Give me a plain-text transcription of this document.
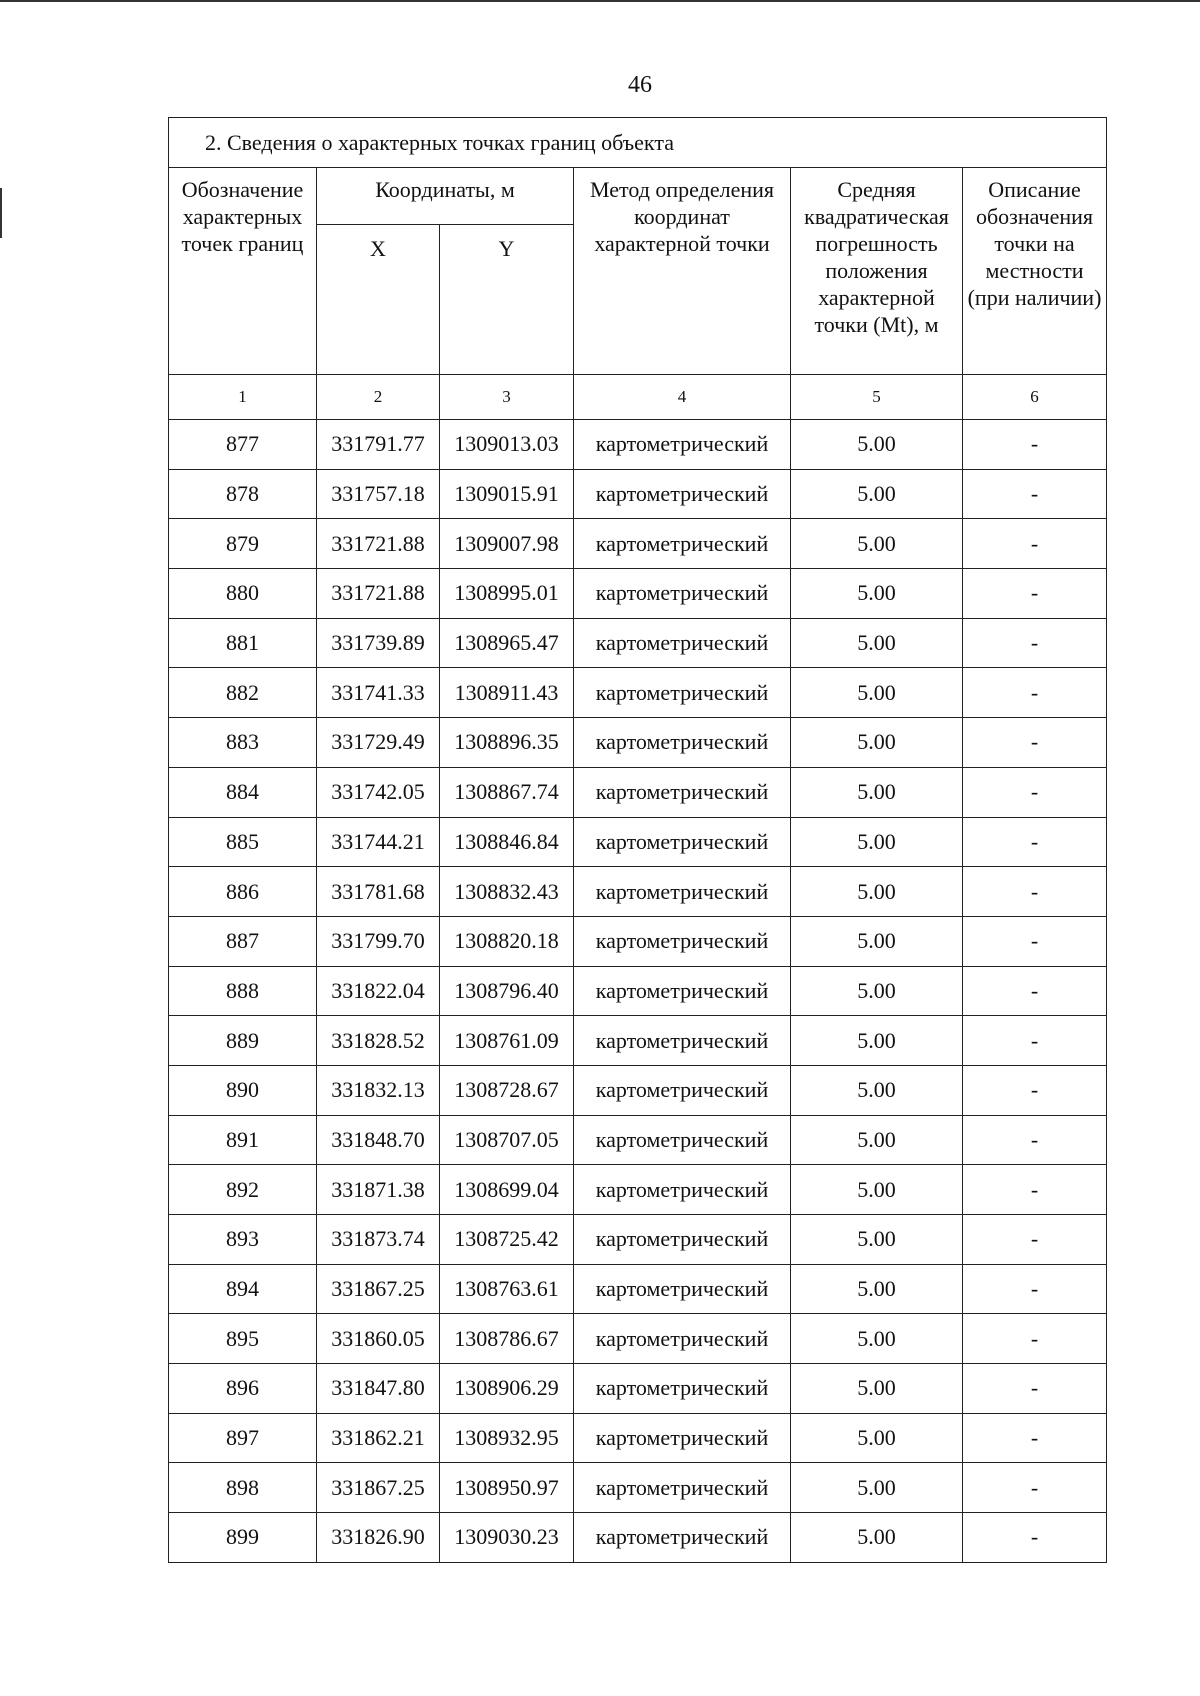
46
2. Сведения о характерных точках границ объекта					
Обозначение характерных точек границ	Координаты, м		Метод определения координат характерной точки	Средняя квадратическая погрешность положения характерной точки (Mt), м	Описание обозначения точки на местности (при наличии)
	X	Y			
1	2	3	4	5	6
877	331791.77	1309013.03	картометрический	5.00	-
878	331757.18	1309015.91	картометрический	5.00	-
879	331721.88	1309007.98	картометрический	5.00	-
880	331721.88	1308995.01	картометрический	5.00	-
881	331739.89	1308965.47	картометрический	5.00	-
882	331741.33	1308911.43	картометрический	5.00	-
883	331729.49	1308896.35	картометрический	5.00	-
884	331742.05	1308867.74	картометрический	5.00	-
885	331744.21	1308846.84	картометрический	5.00	-
886	331781.68	1308832.43	картометрический	5.00	-
887	331799.70	1308820.18	картометрический	5.00	-
888	331822.04	1308796.40	картометрический	5.00	-
889	331828.52	1308761.09	картометрический	5.00	-
890	331832.13	1308728.67	картометрический	5.00	-
891	331848.70	1308707.05	картометрический	5.00	-
892	331871.38	1308699.04	картометрический	5.00	-
893	331873.74	1308725.42	картометрический	5.00	-
894	331867.25	1308763.61	картометрический	5.00	-
895	331860.05	1308786.67	картометрический	5.00	-
896	331847.80	1308906.29	картометрический	5.00	-
897	331862.21	1308932.95	картометрический	5.00	-
898	331867.25	1308950.97	картометрический	5.00	-
899	331826.90	1309030.23	картометрический	5.00	-
